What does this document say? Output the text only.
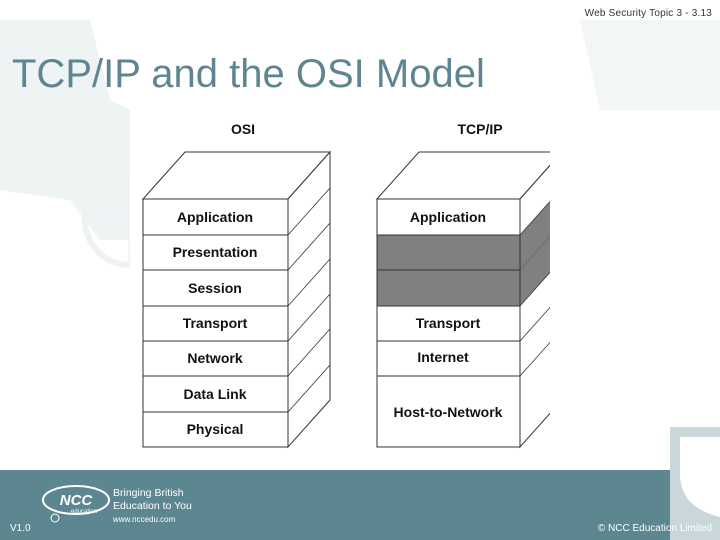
Web Security Topic 3 - 3.13
TCP/IP and the OSI Model
OSI	TCP/IP
Application
Presentation
Session
Transport
Network
Data Link
Physical
Application
Transport
Internet
Host-to-Network
NCC
education
Bringing British
Education to You
www.nccedu.com
V1.0	© NCC Education Limited
